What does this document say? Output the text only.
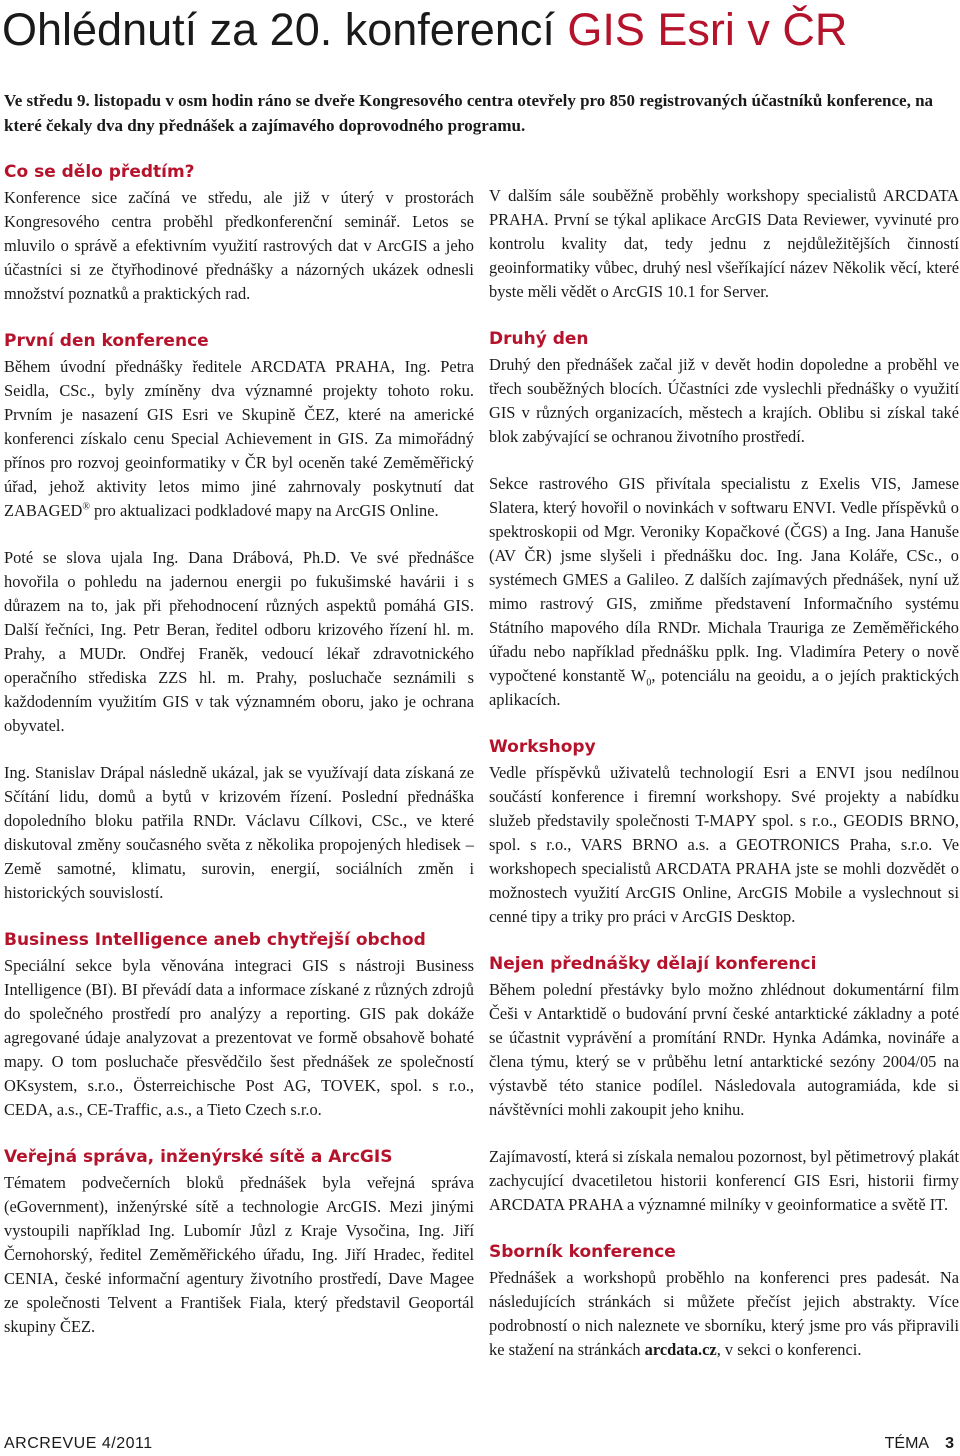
Ohlédnutí za 20. konferencí GIS Esri v ČR

Ve středu 9. listopadu v osm hodin ráno se dveře Kongresového centra otevřely pro 850 registrovaných účastníků konference, na které čekaly dva dny přednášek a zajímavého doprovodného programu.

Co se dělo předtím?

Konference sice začíná ve středu, ale již v úterý v prostorách Kongresového centra proběhl předkonferenční seminář. Letos se mluvilo o správě a efektivním využití rastrových dat v ArcGIS a jeho účastníci si ze čtyřhodinové přednášky a názorných ukázek odnesli množství poznatků a praktických rad.

První den konference

Během úvodní přednášky ředitele ARCDATA PRAHA, Ing. Petra Seidla, CSc., byly zmíněny dva významné projekty tohoto roku. Prvním je nasazení GIS Esri ve Skupině ČEZ, které na americké konferenci získalo cenu Special Achievement in GIS. Za mimořádný přínos pro rozvoj geoinformatiky v ČR byl oceněn také Zeměměřický úřad, jehož aktivity letos mimo jiné zahrnovaly poskytnutí dat ZABAGED® pro aktualizaci podkladové mapy na ArcGIS Online.

Poté se slova ujala Ing. Dana Drábová, Ph.D. Ve své přednášce hovořila o pohledu na jadernou energii po fukušimské havárii i s důrazem na to, jak při přehodnocení různých aspektů pomáhá GIS. Další řečníci, Ing. Petr Beran, ředitel odboru krizového řízení hl. m. Prahy, a MUDr. Ondřej Franěk, vedoucí lékař zdravotnického operačního střediska ZZS hl. m. Prahy, posluchače seznámili s každodenním využitím GIS v tak významném oboru, jako je ochrana obyvatel.

Ing. Stanislav Drápal následně ukázal, jak se využívají data získaná ze Sčítání lidu, domů a bytů v krizovém řízení. Poslední přednáška dopoledního bloku patřila RNDr. Václavu Cílkovi, CSc., ve které diskutoval změny současného světa z několika propojených hledisek – Země samotné, klimatu, surovin, energií, sociálních změn i historických souvislostí.

Business Intelligence aneb chytřejší obchod

Speciální sekce byla věnována integraci GIS s nástroji Business Intelligence (BI). BI převádí data a informace získané z různých zdrojů do společného prostředí pro analýzy a reporting. GIS pak dokáže agregované údaje analyzovat a prezentovat ve formě obsahově bohaté mapy. O tom posluchače přesvědčilo šest přednášek ze společností OKsystem, s.r.o., Österreichische Post AG, TOVEK, spol. s r.o., CEDA, a.s., CE-Traffic, a.s., a Tieto Czech s.r.o.

Veřejná správa, inženýrské sítě a ArcGIS

Tématem podvečerních bloků přednášek byla veřejná správa (eGovernment), inženýrské sítě a technologie ArcGIS. Mezi jinými vystoupili například Ing. Lubomír Jůzl z Kraje Vysočina, Ing. Jiří Černohorský, ředitel Zeměměřického úřadu, Ing. Jiří Hradec, ředitel CENIA, české informační agentury životního prostředí, Dave Magee ze společnosti Telvent a František Fiala, který představil Geoportál skupiny ČEZ.

V dalším sále souběžně proběhly workshopy specialistů ARCDATA PRAHA. První se týkal aplikace ArcGIS Data Reviewer, vyvinuté pro kontrolu kvality dat, tedy jednu z nejdůležitějších činností geoinformatiky vůbec, druhý nesl všeříkající název Několik věcí, které byste měli vědět o ArcGIS 10.1 for Server.

Druhý den

Druhý den přednášek začal již v devět hodin dopoledne a proběhl ve třech souběžných blocích. Účastníci zde vyslechli přednášky o využití GIS v různých organizacích, městech a krajích. Oblibu si získal také blok zabývající se ochranou životního prostředí.

Sekce rastrového GIS přivítala specialistu z Exelis VIS, Jamese Slatera, který hovořil o novinkách v softwaru ENVI. Vedle příspěvků o spektroskopii od Mgr. Veroniky Kopačkové (ČGS) a Ing. Jana Hanuše (AV ČR) jsme slyšeli i přednášku doc. Ing. Jana Koláře, CSc., o systémech GMES a Galileo. Z dalších zajímavých přednášek, nyní už mimo rastrový GIS, zmiňme představení Informačního systému Státního mapového díla RNDr. Michala Trauriga ze Zeměměřického úřadu nebo například přednášku pplk. Ing. Vladimíra Petery o nově vypočtené konstantě $W_0$, potenciálu na geoidu, a o jejích praktických aplikacích.

Workshopy

Vedle příspěvků uživatelů technologií Esri a ENVI jsou nedílnou součástí konference i firemní workshopy. Své projekty a nabídku služeb představily společnosti T-MAPY spol. s r.o., GEODIS BRNO, spol. s r.o., VARS BRNO a.s. a GEOTRONICS Praha, s.r.o. Ve workshopech specialistů ARCDATA PRAHA jste se mohli dozvědět o možnostech využití ArcGIS Online, ArcGIS Mobile a vyslechnout si cenné tipy a triky pro práci v ArcGIS Desktop.

Nejen přednášky dělají konferenci

Během polední přestávky bylo možno zhlédnout dokumentární film Češi v Antarktidě o budování první české antarktické základny a poté se účastnit vyprávění a promítání RNDr. Hynka Adámka, novináře a člena týmu, který se v průběhu letní antarktické sezóny 2004/05 na výstavbě této stanice podílel. Následovala autogramiáda, kde si návštěvníci mohli zakoupit jeho knihu.

Zajímavostí, která si získala nemalou pozornost, byl pětimetrový plakát zachycující dvacetiletou historii konferencí GIS Esri, historii firmy ARCDATA PRAHA a významné milníky v geoinformatice a světě IT.

Sborník konference

Přednášek a workshopů proběhlo na konferenci pres padesát. Na následujících stránkách si můžete přečíst jejich abstrakty. Více podrobností o nich naleznete ve sborníku, který jsme pro vás připravili ke stažení na stránkách arcdata.cz, v sekci o konferenci.

ARCREVUE 4/2011	TÉMA 3
